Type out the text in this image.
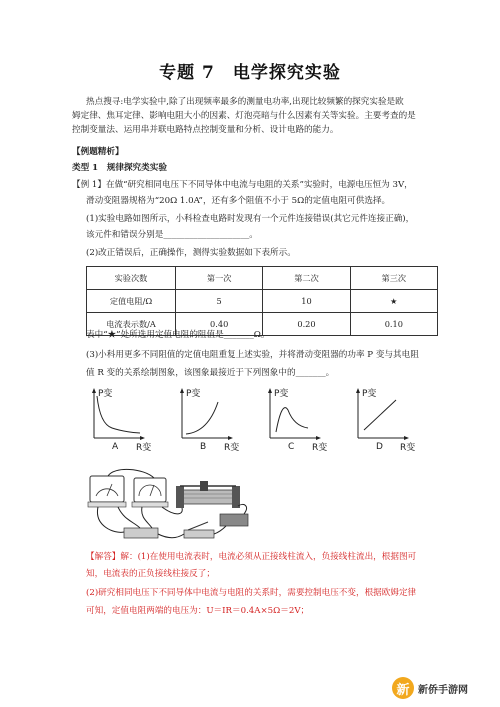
专题 7　电学探究实验
热点搜寻:电学实验中,除了出现频率最多的测量电功率,出现比较频繁的探究实验是欧
姆定律、焦耳定律、影响电阻大小的因素、灯泡亮暗与什么因素有关等实验。主要考查的是
控制变量法、运用串并联电路特点控制变量和分析、设计电路的能力。
【例题精析】
类型 1　规律探究类实验
【例 1】在做“研究相同电压下不同导体中电流与电阻的关系”实验时，电源电压恒为 3V，
滑动变阻器规格为“20Ω 1.0A”，还有多个阻值不小于 5Ω的定值电阻可供选择。
(1)实验电路如图所示，小科检查电路时发现有一个元件连接错误(其它元件连接正确)，
该元件和错误分别是____________________。
(2)改正错误后，正确操作，测得实验数据如下表所示。
实验次数	第一次	第二次	第三次
定值电阻/Ω	5	10	★
电流表示数/A	0.40	0.20	0.10
表中“★”处所选用定值电阻的阻值是_______Ω。
(3)小科用更多不同阻值的定值电阻重复上述实验，并将滑动变阻器的功率 P 变与其电阻
值 R 变的关系绘制图象，该图象最接近于下列图象中的_______。
P变
R变
A
P变
R变
B
P变
R变
C
P变
R变
D
【解答】解：(1)在使用电流表时，电流必须从正接线柱流入，负接线柱流出，根据图可
知，电流表的正负接线柱接反了；
(2)研究相同电压下不同导体中电流与电阻的关系时，需要控制电压不变，根据欧姆定律
可知，定值电阻两端的电压为：U＝IR＝0.4A×5Ω＝2V；
新 新侨手游网
